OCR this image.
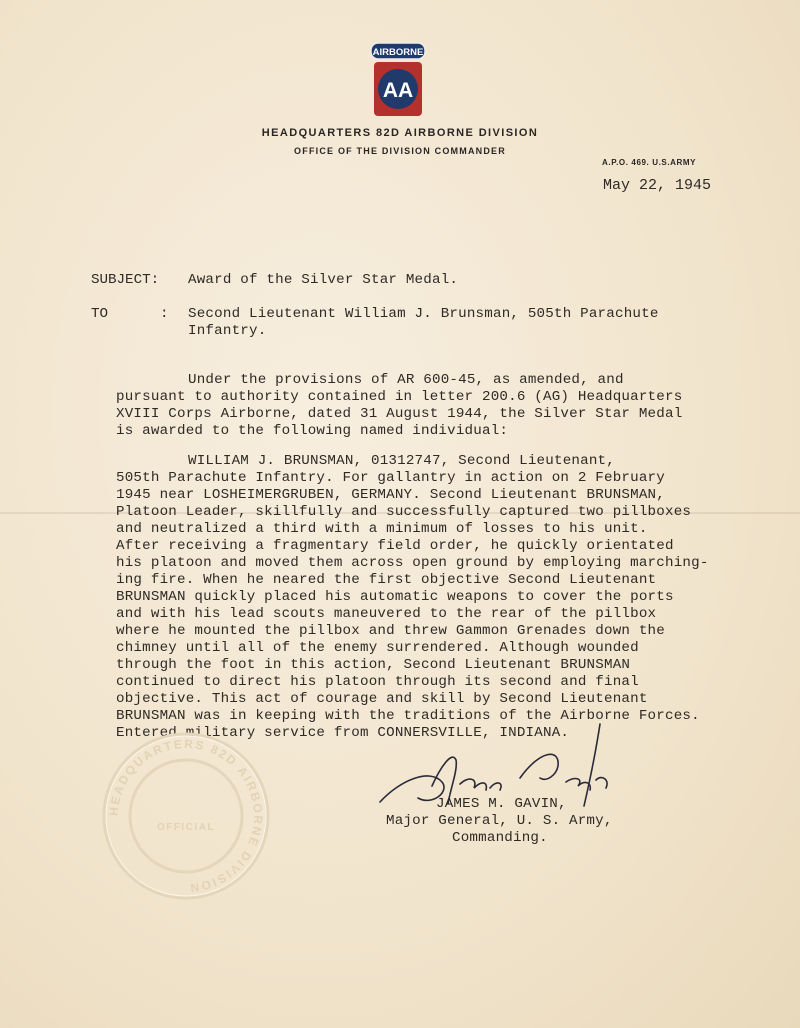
AIRBORNE
AA
HEADQUARTERS 82D AIRBORNE DIVISION
OFFICE OF THE DIVISION COMMANDER
A.P.O. 469. U.S.ARMY
May 22, 1945
SUBJECT: Award of the Silver Star Medal.
TO	: Second Lieutenant William J. Brunsman, 505th Parachute
Infantry.
Under the provisions of AR 600-45, as amended, and
pursuant to authority contained in letter 200.6 (AG) Headquarters
XVIII Corps Airborne, dated 31 August 1944, the Silver Star Medal
is awarded to the following named individual:
WILLIAM J. BRUNSMAN, 01312747, Second Lieutenant,
505th Parachute Infantry. For gallantry in action on 2 February
1945 near LOSHEIMERGRUBEN, GERMANY. Second Lieutenant BRUNSMAN,
Platoon Leader, skillfully and successfully captured two pillboxes
and neutralized a third with a minimum of losses to his unit.
After receiving a fragmentary field order, he quickly orientated
his platoon and moved them across open ground by employing marching-
ing fire. When he neared the first objective Second Lieutenant
BRUNSMAN quickly placed his automatic weapons to cover the ports
and with his lead scouts maneuvered to the rear of the pillbox
where he mounted the pillbox and threw Gammon Grenades down the
chimney until all of the enemy surrendered. Although wounded
through the foot in this action, Second Lieutenant BRUNSMAN
continued to direct his platoon through its second and final
objective. This act of courage and skill by Second Lieutenant
BRUNSMAN was in keeping with the traditions of the Airborne Forces.
Entered military service from CONNERSVILLE, INDIANA.
HEADQUARTERS 82D AIRBORNE DIVISION
OFFICIAL
JAMES M. GAVIN,
Major General, U. S. Army,
Commanding.
